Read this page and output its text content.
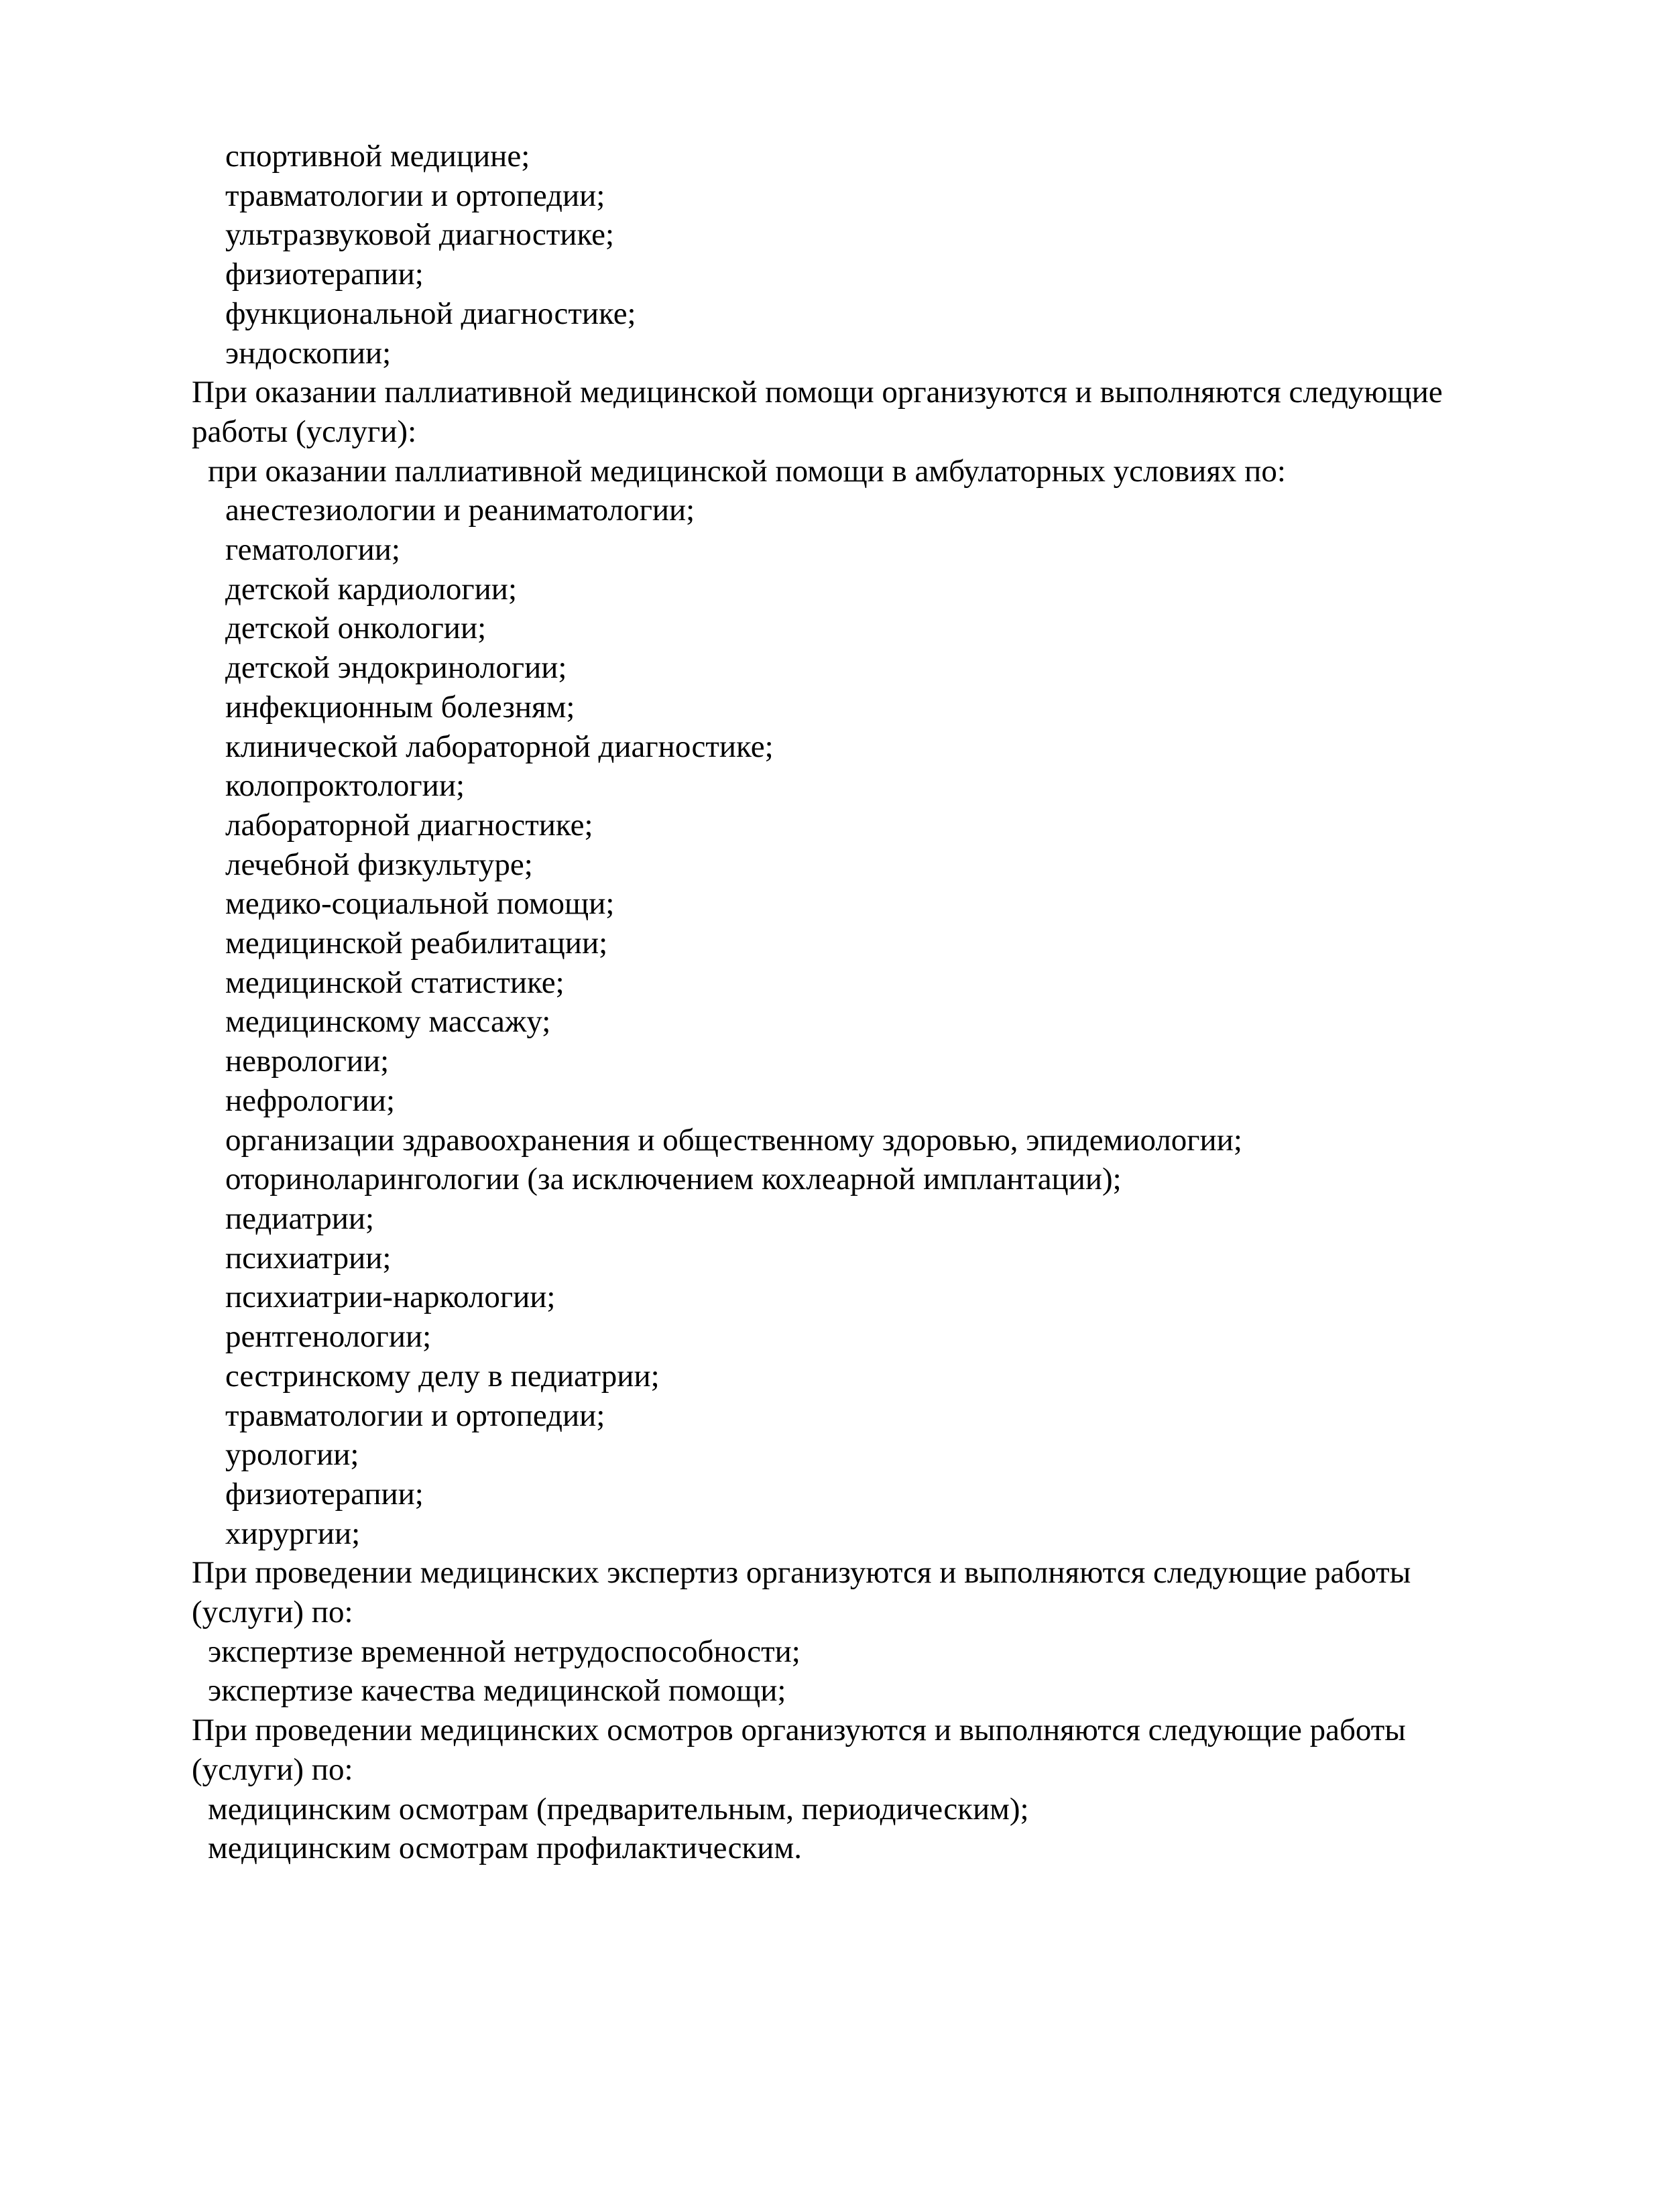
спортивной медицине;
травматологии и ортопедии;
ультразвуковой диагностике;
физиотерапии;
функциональной диагностике;
эндоскопии;
При оказании паллиативной медицинской помощи организуются и выполняются следующие
работы (услуги):
при оказании паллиативной медицинской помощи в амбулаторных условиях по:
анестезиологии и реаниматологии;
гематологии;
детской кардиологии;
детской онкологии;
детской эндокринологии;
инфекционным болезням;
клинической лабораторной диагностике;
колопроктологии;
лабораторной диагностике;
лечебной физкультуре;
медико-социальной помощи;
медицинской реабилитации;
медицинской статистике;
медицинскому массажу;
неврологии;
нефрологии;
организации здравоохранения и общественному здоровью, эпидемиологии;
оториноларингологии (за исключением кохлеарной имплантации);
педиатрии;
психиатрии;
психиатрии-наркологии;
рентгенологии;
сестринскому делу в педиатрии;
травматологии и ортопедии;
урологии;
физиотерапии;
хирургии;
При проведении медицинских экспертиз организуются и выполняются следующие работы
(услуги) по:
экспертизе временной нетрудоспособности;
экспертизе качества медицинской помощи;
При проведении медицинских осмотров организуются и выполняются следующие работы
(услуги) по:
медицинским осмотрам (предварительным, периодическим);
медицинским осмотрам профилактическим.
